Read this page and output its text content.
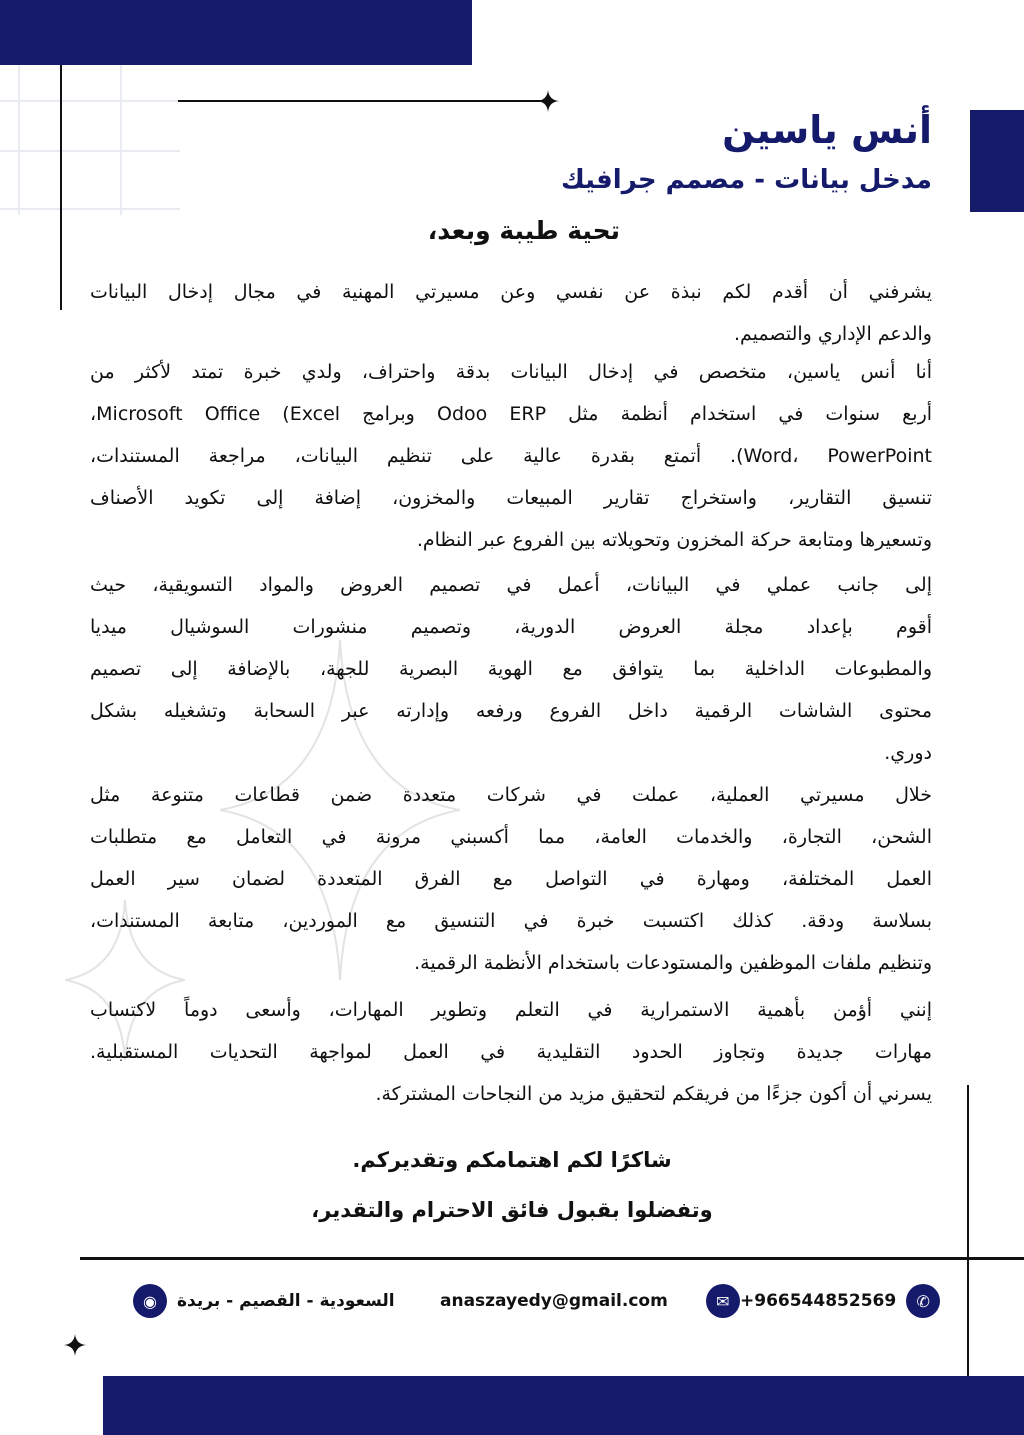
أنس ياسين
مدخل بيانات - مصمم جرافيك
تحية طيبة وبعد،
يشرفني أن أقدم لكم نبذة عن نفسي وعن مسيرتي المهنية في مجال إدخال البيانات
والدعم الإداري والتصميم.
أنا أنس ياسين، متخصص في إدخال البيانات بدقة واحتراف، ولدي خبرة تمتد لأكثر من
أربع سنوات في استخدام أنظمة مثل Odoo ERP وبرامج Microsoft Office (Excel،
Word، PowerPoint). أتمتع بقدرة عالية على تنظيم البيانات، مراجعة المستندات،
تنسيق التقارير، واستخراج تقارير المبيعات والمخزون، إضافة إلى تكويد الأصناف
وتسعيرها ومتابعة حركة المخزون وتحويلاته بين الفروع عبر النظام.
إلى جانب عملي في البيانات، أعمل في تصميم العروض والمواد التسويقية، حيث
أقوم بإعداد مجلة العروض الدورية، وتصميم منشورات السوشيال ميديا
والمطبوعات الداخلية بما يتوافق مع الهوية البصرية للجهة، بالإضافة إلى تصميم
محتوى الشاشات الرقمية داخل الفروع ورفعه وإدارته عبر السحابة وتشغيله بشكل
دوري.
خلال مسيرتي العملية، عملت في شركات متعددة ضمن قطاعات متنوعة مثل
الشحن، التجارة، والخدمات العامة، مما أكسبني مرونة في التعامل مع متطلبات
العمل المختلفة، ومهارة في التواصل مع الفرق المتعددة لضمان سير العمل
بسلاسة ودقة. كذلك اكتسبت خبرة في التنسيق مع الموردين، متابعة المستندات،
وتنظيم ملفات الموظفين والمستودعات باستخدام الأنظمة الرقمية.
إنني أؤمن بأهمية الاستمرارية في التعلم وتطوير المهارات، وأسعى دوماً لاكتساب
مهارات جديدة وتجاوز الحدود التقليدية في العمل لمواجهة التحديات المستقبلية.
يسرني أن أكون جزءًا من فريقكم لتحقيق مزيد من النجاحات المشتركة.
شاكرًا لكم اهتمامكم وتقديركم.
وتفضلوا بقبول فائق الاحترام والتقدير،
+966544852569	✆
anaszayedy@gmail.com	✉
◉	السعودية - القصيم - بريدة
